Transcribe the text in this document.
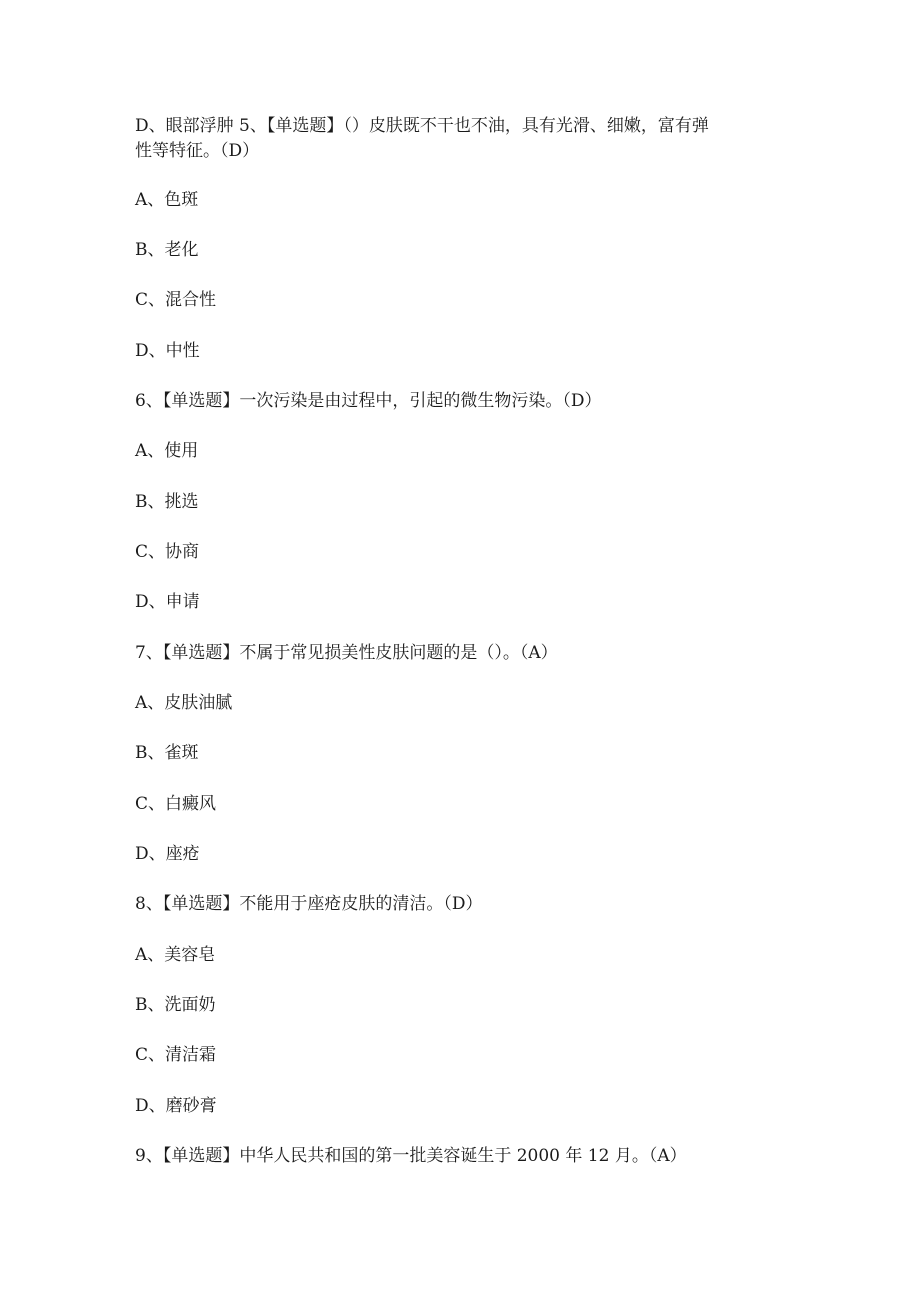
D、眼部浮肿 5、【单选题】（）皮肤既不干也不油，具有光滑、细嫩，富有弹
性等特征。（D）
A、色斑
B、老化
C、混合性
D、中性
6、【单选题】一次污染是由过程中，引起的微生物污染。（D）
A、使用
B、挑选
C、协商
D、申请
7、【单选题】不属于常见损美性皮肤问题的是（）。（A）
A、皮肤油腻
B、雀斑
C、白癜风
D、座疮
8、【单选题】不能用于座疮皮肤的清洁。（D）
A、美容皂
B、洗面奶
C、清洁霜
D、磨砂膏
9、【单选题】中华人民共和国的第一批美容诞生于 2000 年 12 月。（A）
